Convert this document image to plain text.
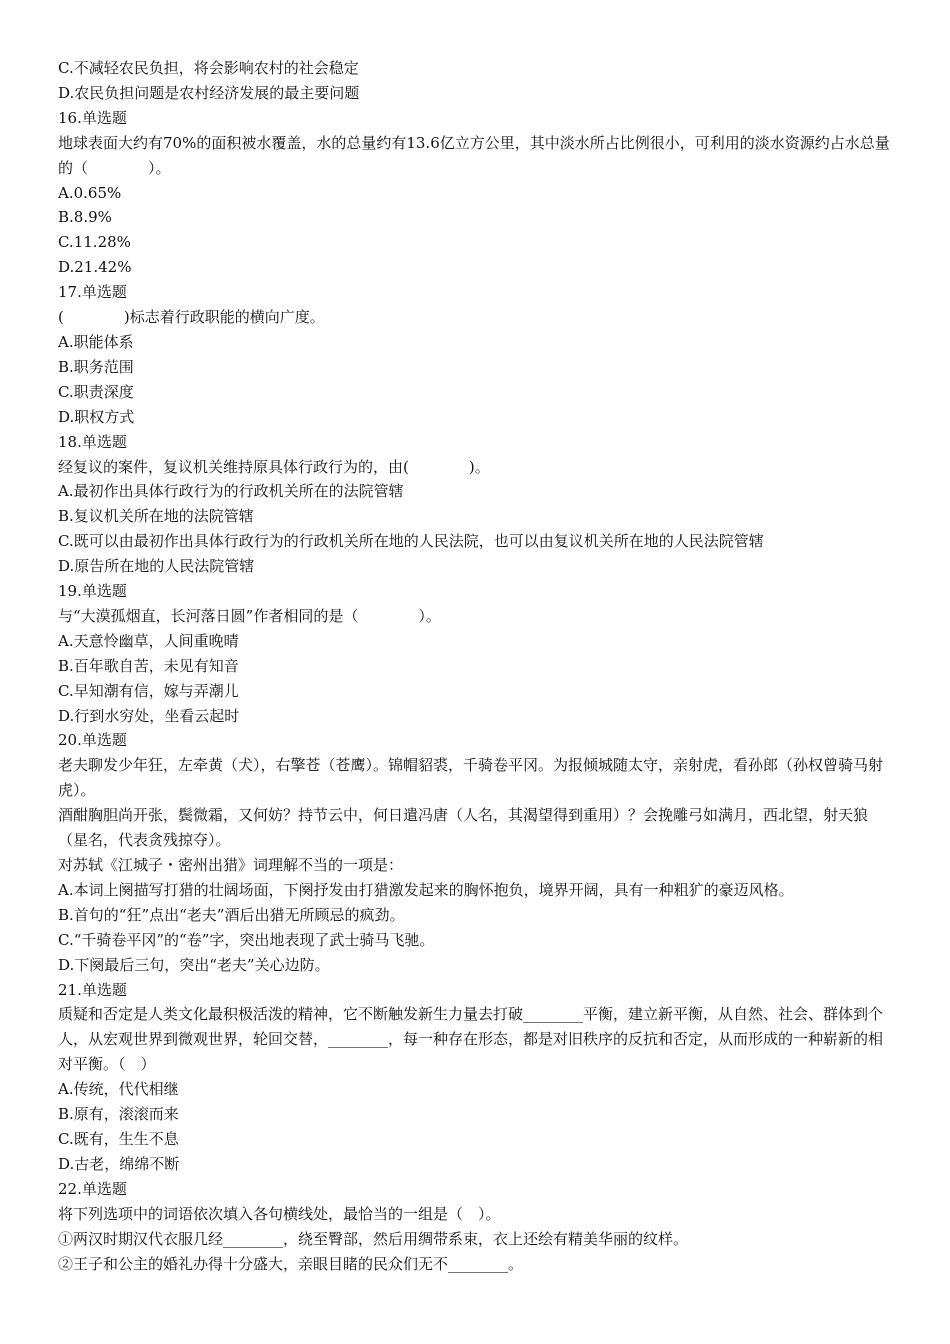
C.不减轻农民负担，将会影响农村的社会稳定
D.农民负担问题是农村经济发展的最主要问题
16.单选题
地球表面大约有70%的面积被水覆盖，水的总量约有13.6亿立方公里，其中淡水所占比例很小，可利用的淡水资源约占水总量的（　　　　）。
A.0.65%
B.8.9%
C.11.28%
D.21.42%
17.单选题
(　　　　)标志着行政职能的横向广度。
A.职能体系
B.职务范围
C.职责深度
D.职权方式
18.单选题
经复议的案件，复议机关维持原具体行政行为的，由(　　　　)。
A.最初作出具体行政行为的行政机关所在的法院管辖
B.复议机关所在地的法院管辖
C.既可以由最初作出具体行政行为的行政机关所在地的人民法院，也可以由复议机关所在地的人民法院管辖
D.原告所在地的人民法院管辖
19.单选题
与“大漠孤烟直，长河落日圆”作者相同的是（　　　　）。
A.天意怜幽草，人间重晚晴
B.百年歌自苦，未见有知音
C.早知潮有信，嫁与弄潮儿
D.行到水穷处，坐看云起时
20.单选题
老夫聊发少年狂，左牵黄（犬），右擎苍（苍鹰）。锦帽貂裘，千骑卷平冈。为报倾城随太守，亲射虎，看孙郎（孙权曾骑马射虎）。
酒酣胸胆尚开张，鬓微霜，又何妨？持节云中，何日遣冯唐（人名，其渴望得到重用）？会挽雕弓如满月，西北望，射天狼（星名，代表贪残掠夺）。
对苏轼《江城子・密州出猎》词理解不当的一项是：
A.本词上阕描写打猎的壮阔场面，下阕抒发由打猎激发起来的胸怀抱负，境界开阔，具有一种粗犷的豪迈风格。
B.首句的“狂”点出“老夫”酒后出猎无所顾忌的疯劲。
C.“千骑卷平冈”的“卷”字，突出地表现了武士骑马飞驰。
D.下阕最后三句，突出“老夫”关心边防。
21.单选题
质疑和否定是人类文化最积极活泼的精神，它不断触发新生力量去打破________平衡，建立新平衡，从自然、社会、群体到个人，从宏观世界到微观世界，轮回交替，________，每一种存在形态，都是对旧秩序的反抗和否定，从而形成的一种崭新的相对平衡。（　）
A.传统，代代相继
B.原有，滚滚而来
C.既有，生生不息
D.古老，绵绵不断
22.单选题
将下列选项中的词语依次填入各句横线处，最恰当的一组是（　）。
①两汉时期汉代衣服几经________，绕至臀部，然后用绸带系束，衣上还绘有精美华丽的纹样。
②王子和公主的婚礼办得十分盛大，亲眼目睹的民众们无不________。
